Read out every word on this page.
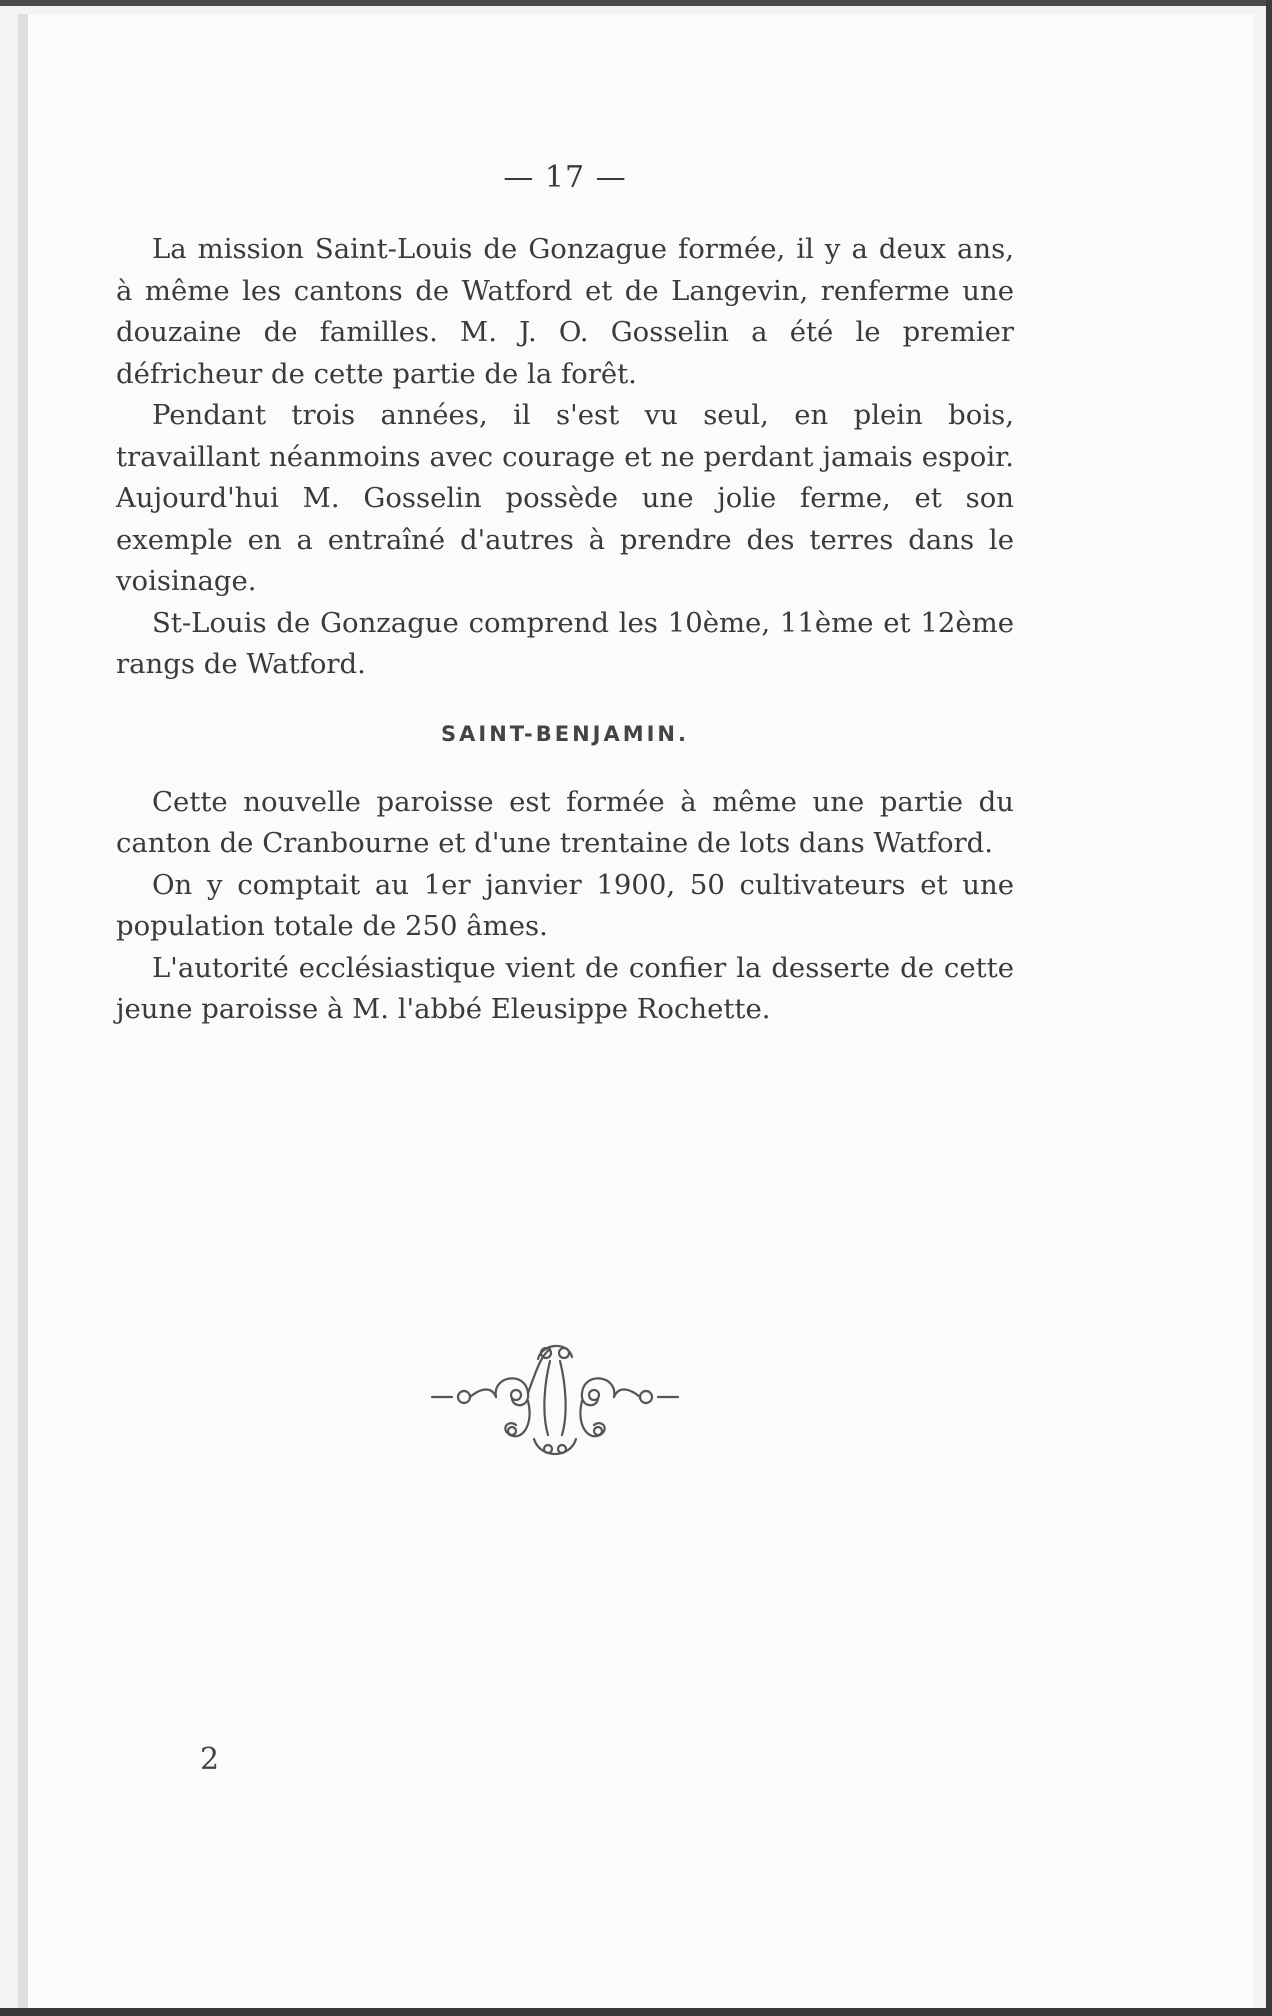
— 17 —

La mission Saint-Louis de Gonzague formée, il y a deux ans, à même les cantons de Watford et de Langevin, renferme une douzaine de familles. M. J. O. Gosselin a été le premier défricheur de cette partie de la forêt.

Pendant trois années, il s'est vu seul, en plein bois, travaillant néanmoins avec courage et ne perdant jamais espoir. Aujourd'hui M. Gosselin possède une jolie ferme, et son exemple en a entraîné d'autres à prendre des terres dans le voisinage.

St-Louis de Gonzague comprend les 10ème, 11ème et 12ème rangs de Watford.

SAINT-BENJAMIN.

Cette nouvelle paroisse est formée à même une partie du canton de Cranbourne et d'une trentaine de lots dans Watford.

On y comptait au 1er janvier 1900, 50 cultivateurs et une population totale de 250 âmes.

L'autorité ecclésiastique vient de confier la desserte de cette jeune paroisse à M. l'abbé Eleusippe Rochette.

2
